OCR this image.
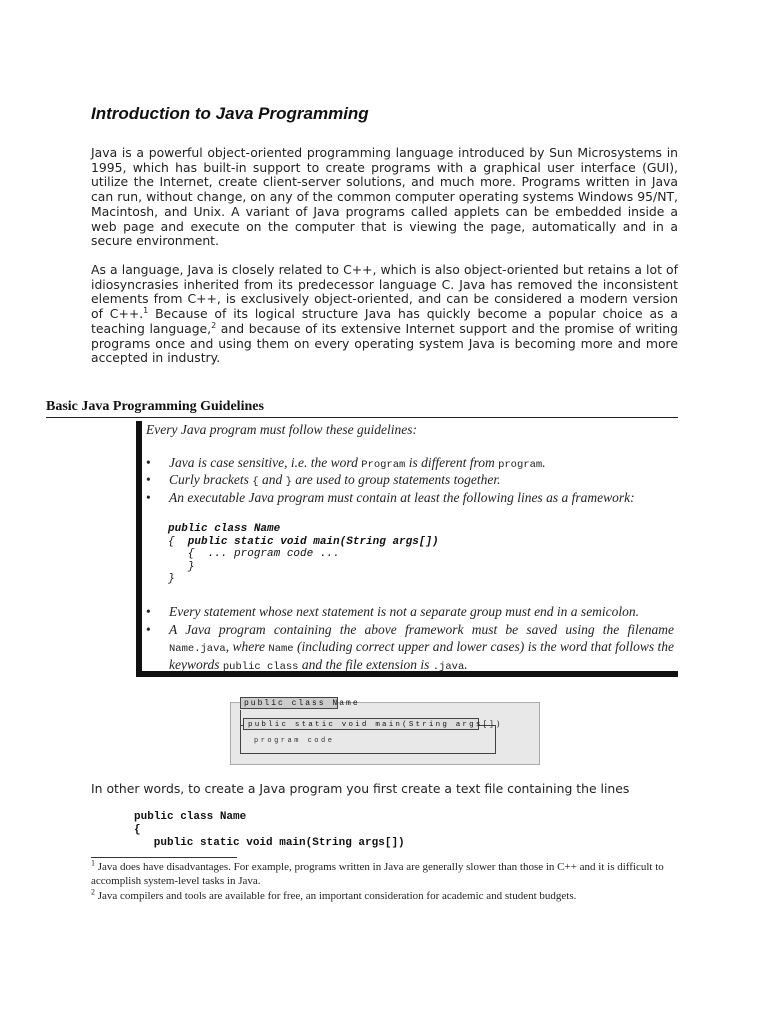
Introduction to Java Programming
Java is a powerful object-oriented programming language introduced by Sun Microsystems in 1995, which has built-in support to create programs with a graphical user interface (GUI), utilize the Internet, create client-server solutions, and much more. Programs written in Java can run, without change, on any of the common computer operating systems Windows 95/NT, Macintosh, and Unix. A variant of Java programs called applets can be embedded inside a web page and execute on the computer that is viewing the page, automatically and in a secure environment.
As a language, Java is closely related to C++, which is also object-oriented but retains a lot of idiosyncrasies inherited from its predecessor language C. Java has removed the inconsistent elements from C++, is exclusively object-oriented, and can be considered a modern version of C++.$^1$ Because of its logical structure Java has quickly become a popular choice as a teaching language,$^2$ and because of its extensive Internet support and the promise of writing programs once and using them on every operating system Java is becoming more and more accepted in industry.
Basic Java Programming Guidelines
Every Java program must follow these guidelines:
• Java is case sensitive, i.e. the word Program is different from program.
• Curly brackets { and } are used to group statements together.
• An executable Java program must contain at least the following lines as a framework:
public class Name
{  public static void main(String args[])
{  ... program code ...
}
}
• Every statement whose next statement is not a separate group must end in a semicolon.
• A Java program containing the above framework must be saved using the filename Name.java, where Name (including correct upper and lower cases) is the word that follows the keywords public class and the file extension is .java.
public class Name
public static void main(String args[])
program code
In other words, to create a Java program you first create a text file containing the lines
public class Name
{
public static void main(String args[])
$^1$ Java does have disadvantages. For example, programs written in Java are generally slower than those in C++ and it is difficult to accomplish system-level tasks in Java.
$^2$ Java compilers and tools are available for free, an important consideration for academic and student budgets.
